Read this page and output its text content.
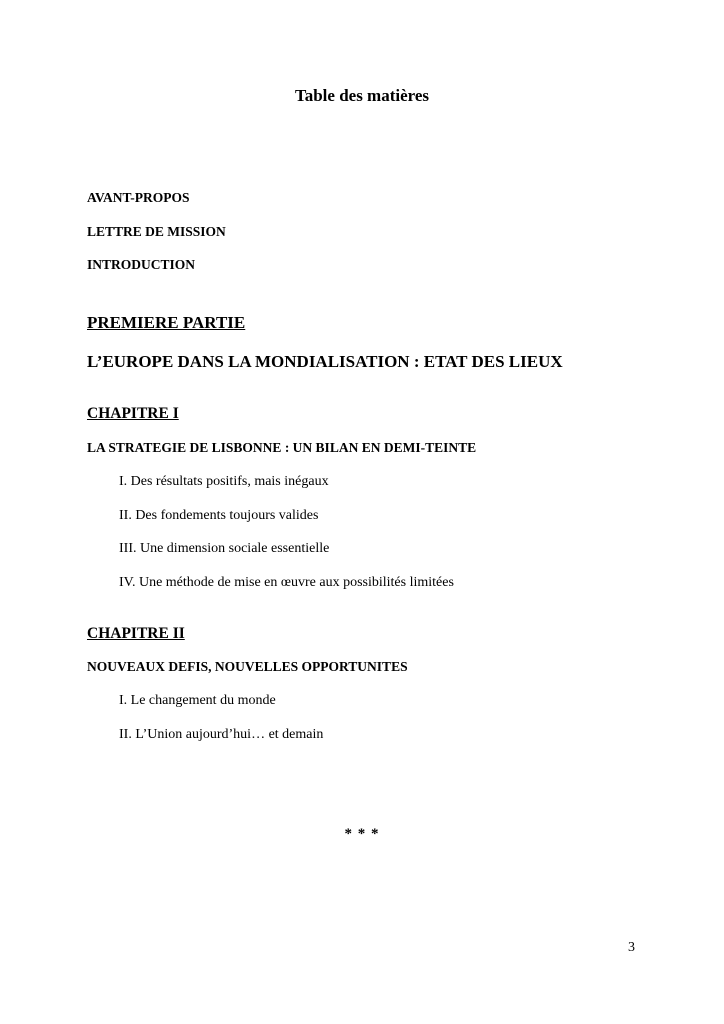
Table des matières
AVANT-PROPOS
LETTRE DE MISSION
INTRODUCTION
PREMIERE PARTIE
L’EUROPE DANS LA MONDIALISATION : ETAT DES LIEUX
CHAPITRE I
LA STRATEGIE DE LISBONNE : UN BILAN EN DEMI-TEINTE
I. Des résultats positifs, mais inégaux
II. Des fondements toujours valides
III. Une dimension sociale essentielle
IV. Une méthode de mise en œuvre aux possibilités limitées
CHAPITRE II
NOUVEAUX DEFIS, NOUVELLES OPPORTUNITES
I. Le changement du monde
II. L’Union aujourd’hui… et demain
* * *
3
